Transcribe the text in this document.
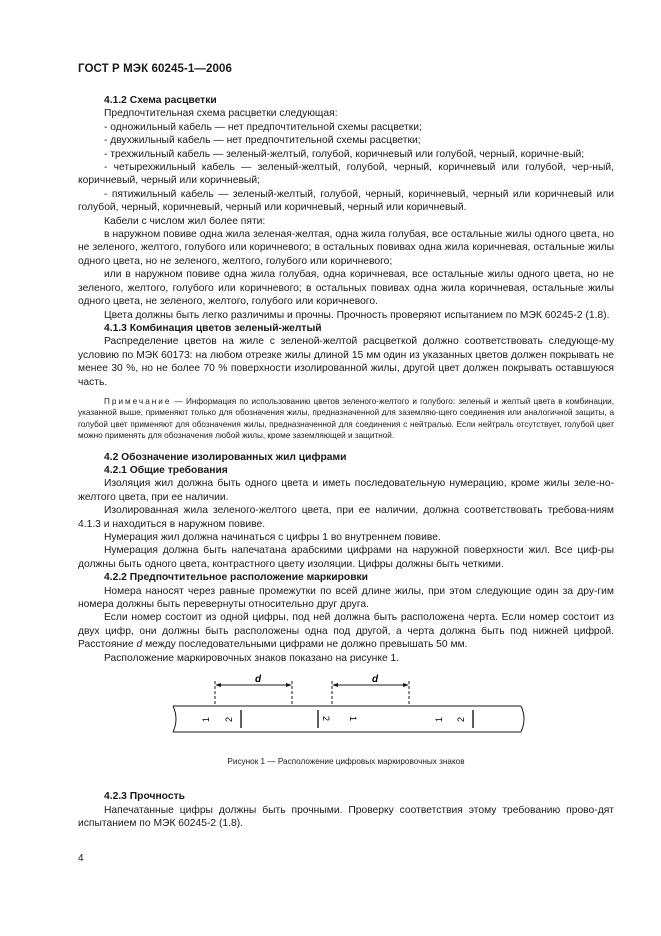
ГОСТ Р МЭК 60245-1—2006

4.1.2 Схема расцветки

Предпочтительная схема расцветки следующая:

- одножильный кабель — нет предпочтительной схемы расцветки;

- двухжильный кабель — нет предпочтительной схемы расцветки;

- трехжильный кабель — зеленый-желтый, голубой, коричневый или голубой, черный, коричне-вый;

- четырехжильный кабель — зеленый-желтый, голубой, черный, коричневый или голубой, чер-ный, коричневый, черный или коричневый;

- пятижильный кабель — зеленый-желтый, голубой, черный, коричневый, черный или коричневый или голубой, черный, коричневый, черный или коричневый, черный или коричневый.

Кабели с числом жил более пяти:

в наружном повиве одна жила зеленая-желтая, одна жила голубая, все остальные жилы одного цвета, но не зеленого, желтого, голубого или коричневого; в остальных повивах одна жила коричневая, остальные жилы одного цвета, но не зеленого, желтого, голубого или коричневого;

или в наружном повиве одна жила голубая, одна коричневая, все остальные жилы одного цвета, но не зеленого, желтого, голубого или коричневого; в остальных повивах одна жила коричневая, остальные жилы одного цвета, не зеленого, желтого, голубого или коричневого.

Цвета должны быть легко различимы и прочны. Прочность проверяют испытанием по МЭК 60245-2 (1.8).

4.1.3 Комбинация цветов зеленый-желтый

Распределение цветов на жиле с зеленой-желтой расцветкой должно соответствовать следующе-му условию по МЭК 60173: на любом отрезке жилы длиной 15 мм один из указанных цветов должен покрывать не менее 30 %, но не более 70 % поверхности изолированной жилы, другой цвет должен покрывать оставшуюся часть.

Примечание — Информация по использованию цветов зеленого-желтого и голубого: зеленый и желтый цвета в комбинации, указанной выше, применяют только для обозначения жилы, предназначенной для заземляю-щего соединения или аналогичной защиты, а голубой цвет применяют для обозначения жилы, предназначенной для соединения с нейтралью. Если нейтраль отсутствует, голубой цвет можно применять для обозначения любой жилы, кроме заземляющей и защитной.

4.2 Обозначение изолированных жил цифрами

4.2.1 Общие требования

Изоляция жил должна быть одного цвета и иметь последовательную нумерацию, кроме жилы зеле-но-желтого цвета, при ее наличии.

Изолированная жила зеленого-желтого цвета, при ее наличии, должна соответствовать требова-ниям 4.1.3 и находиться в наружном повиве.

Нумерация жил должна начинаться с цифры 1 во внутреннем повиве.

Нумерация должна быть напечатана арабскими цифрами на наружной поверхности жил. Все циф-ры должны быть одного цвета, контрастного цвету изоляции. Цифры должны быть четкими.

4.2.2 Предпочтительное расположение маркировки

Номера наносят через равные промежутки по всей длине жилы, при этом следующие один за дру-гим номера должны быть перевернуты относительно друг друга.

Если номер состоит из одной цифры, под ней должна быть расположена черта. Если номер состоит из двух цифр, они должны быть расположены одна под другой, а черта должна быть под нижней цифрой. Расстояние d между последовательными цифрами не должно превышать 50 мм.

Расположение маркировочных знаков показано на рисунке 1.

d	d
1 2	2 1	1 2

Рисунок 1 — Расположение цифровых маркировочных знаков

4.2.3 Прочность

Напечатанные цифры должны быть прочными. Проверку соответствия этому требованию прово-дят испытанием по МЭК 60245-2 (1.8).

4
